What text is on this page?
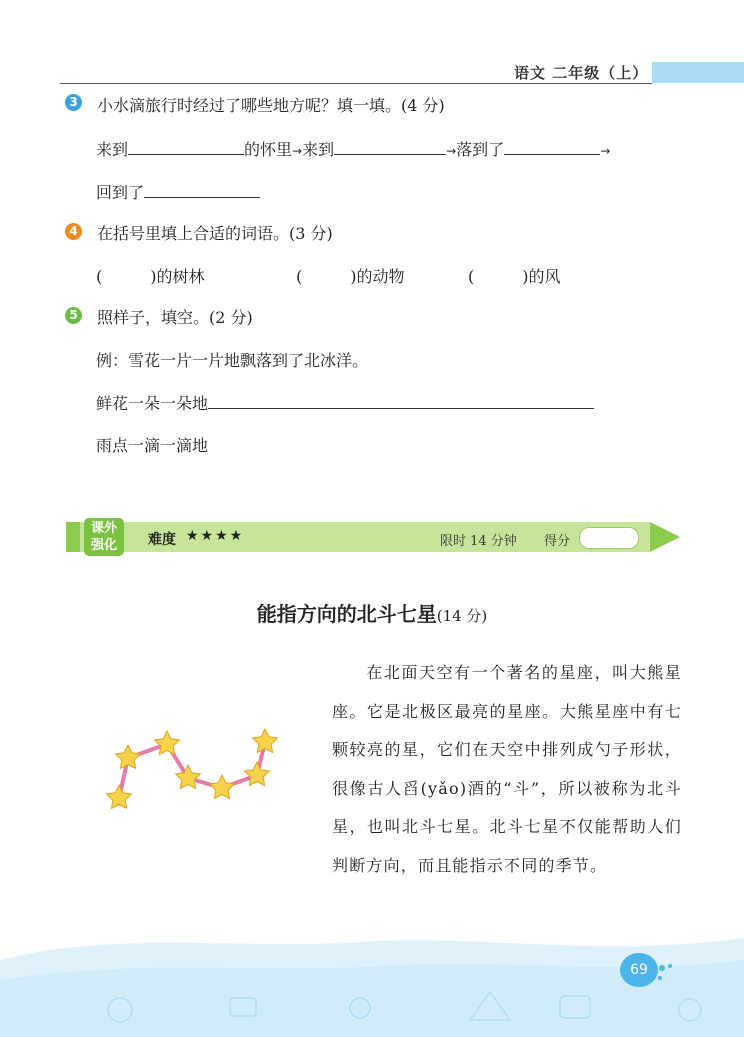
语文 二年级（上）
3 小水滴旅行时经过了哪些地方呢？填一填。(4 分)
来到	的怀里→来到	→落到了	→
回到了
4 在括号里填上合适的词语。(3 分)
(　　　)的树林	(　　　)的动物	(　　　)的风
5 照样子，填空。(2 分)
例：雪花一片一片地飘落到了北冰洋。
鲜花一朵一朵地
雨点一滴一滴地
课外
强化	难度 ★★★★	限时 14 分钟 得分
能指方向的北斗七星(14 分)
在北面天空有一个著名的星座，叫大熊星座。它是北极区最亮的星座。大熊星座中有七颗较亮的星，它们在天空中排列成勺子形状，很像古人舀(yǎo)酒的“斗”，所以被称为北斗星，也叫北斗七星。北斗七星不仅能帮助人们判断方向，而且能指示不同的季节。
69
